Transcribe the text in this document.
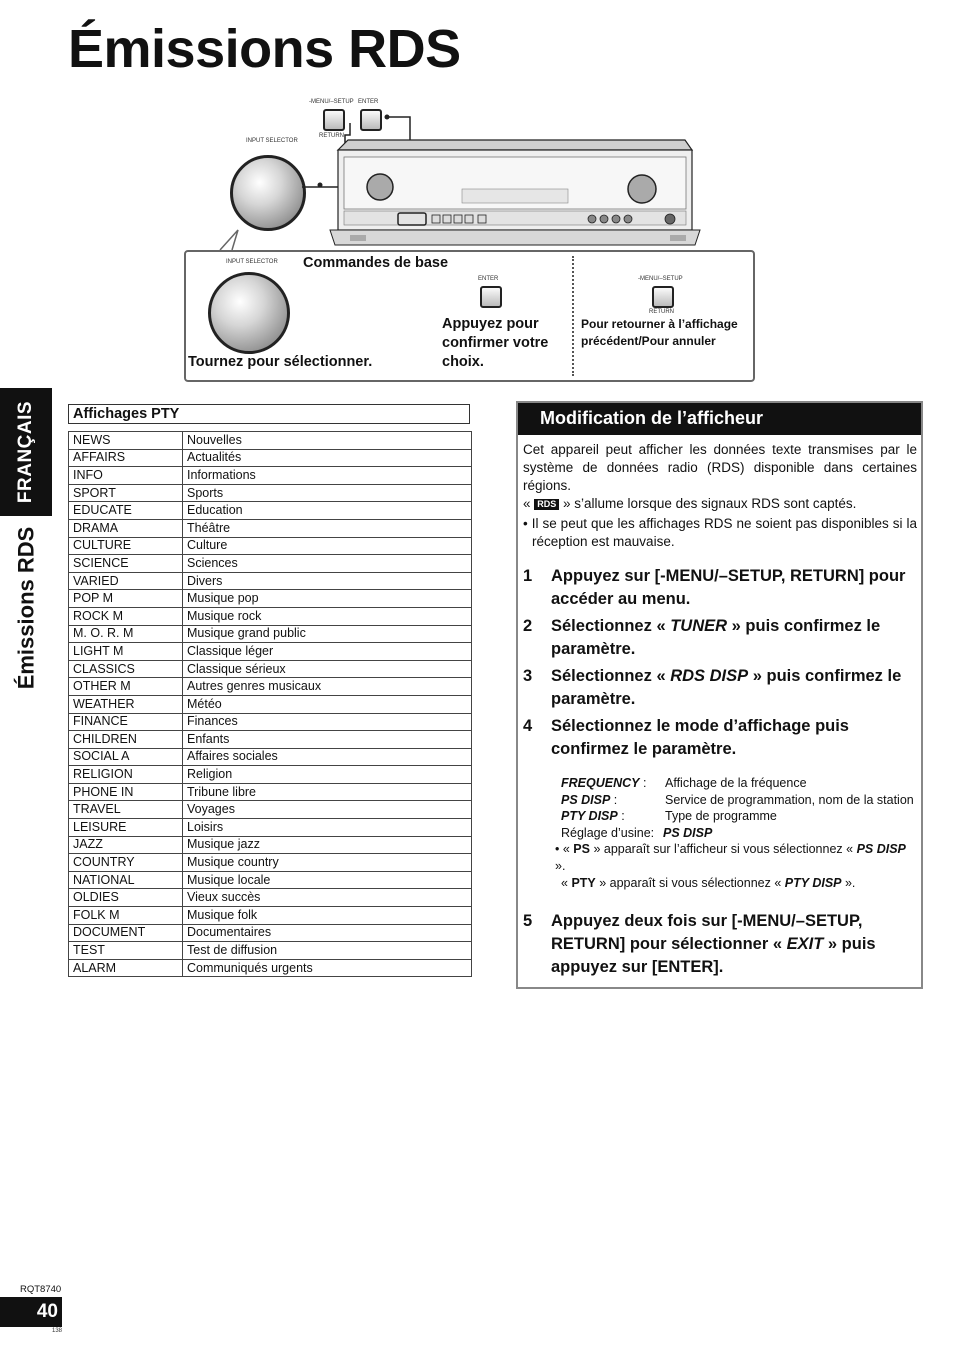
Émissions RDS
FRANÇAIS
Émissions RDS
-MENU/–SETUP ENTER
RETURN
INPUT SELECTOR
INPUT SELECTOR Commandes de base
Tournez pour sélectionner.
ENTER
Appuyez pour confirmer votre choix.
-MENU/–SETUP
RETURN
Pour retourner à l’affichage précédent/Pour annuler
Affichages PTY
NEWS	Nouvelles
AFFAIRS	Actualités
INFO	Informations
SPORT	Sports
EDUCATE	Education
DRAMA	Théâtre
CULTURE	Culture
SCIENCE	Sciences
VARIED	Divers
POP M	Musique pop
ROCK M	Musique rock
M. O. R. M	Musique grand public
LIGHT M	Classique léger
CLASSICS	Classique sérieux
OTHER M	Autres genres musicaux
WEATHER	Météo
FINANCE	Finances
CHILDREN	Enfants
SOCIAL A	Affaires sociales
RELIGION	Religion
PHONE IN	Tribune libre
TRAVEL	Voyages
LEISURE	Loisirs
JAZZ	Musique jazz
COUNTRY	Musique country
NATIONAL	Musique locale
OLDIES	Vieux succès
FOLK M	Musique folk
DOCUMENT	Documentaires
TEST	Test de diffusion
ALARM	Communiqués urgents
Modification de l’afficheur

Cet appareil peut afficher les données texte transmises par le système de données radio (RDS) disponible dans certaines régions.

« RDS » s’allume lorsque des signaux RDS sont captés.

• Il se peut que les affichages RDS ne soient pas disponibles si la réception est mauvaise.

1	Appuyez sur [-MENU/–SETUP, RETURN] pour accéder au menu.
2	Sélectionnez « TUNER » puis confirmez le paramètre.
3	Sélectionnez « RDS DISP » puis confirmez le paramètre.
4	Sélectionnez le mode d’affichage puis confirmez le paramètre.
FREQUENCY :	Affichage de la fréquence
PS DISP :	Service de programmation, nom de la station
PTY DISP :	Type de programme
Réglage d’usine: PS DISP
• « PS » apparaît sur l’afficheur si vous sélectionnez « PS DISP ».
« PTY » apparaît si vous sélectionnez « PTY DISP ».
5	Appuyez deux fois sur [-MENU/–SETUP, RETURN] pour sélectionner « EXIT » puis appuyez sur [ENTER].
RQT8740
40
138
